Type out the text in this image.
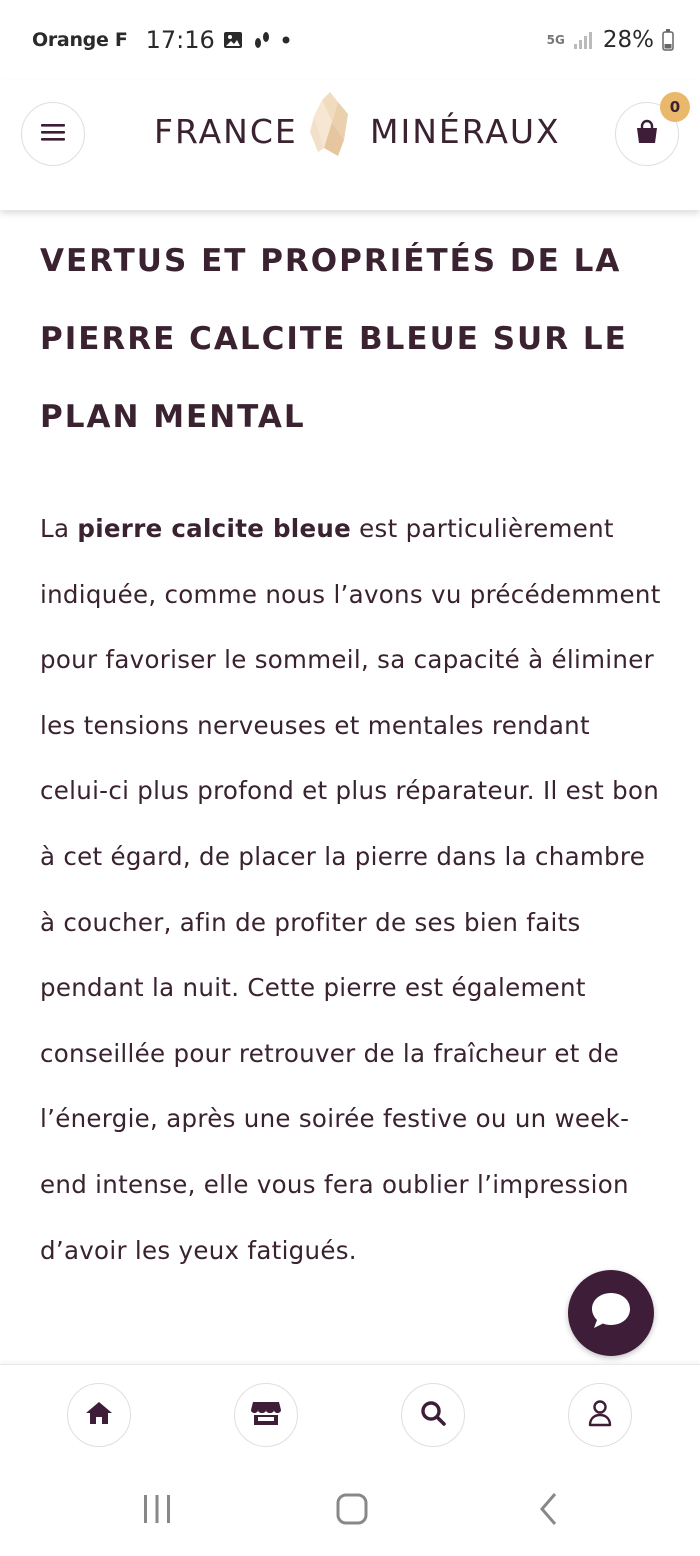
Orange F 17:16	5G 28%
FRANCE MINÉRAUX
0
VERTUS ET PROPRIÉTÉS DE LA PIERRE CALCITE BLEUE SUR LE PLAN MENTAL

La pierre calcite bleue est particulièrement indiquée, comme nous l’avons vu précédemment pour favoriser le sommeil, sa capacité à éliminer les tensions nerveuses et mentales rendant celui-ci plus profond et plus réparateur. Il est bon à cet égard, de placer la pierre dans la chambre à coucher, afin de profiter de ses bien faits pendant la nuit. Cette pierre est également conseillée pour retrouver de la fraîcheur et de l’énergie, après une soirée festive ou un week-end intense, elle vous fera oublier l’impression d’avoir les yeux fatigués.
